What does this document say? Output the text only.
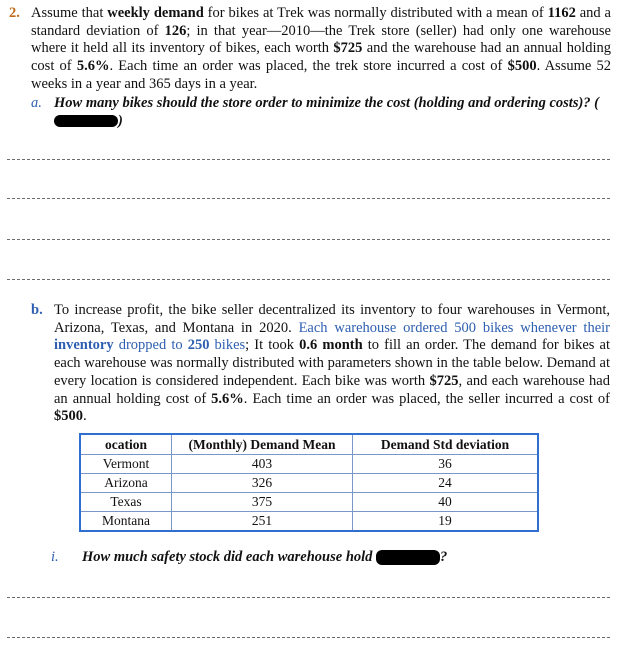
2. Assume that weekly demand for bikes at Trek was normally distributed with a mean of 1162 and a standard deviation of 126; in that year—2010—the Trek store (seller) had only one warehouse where it held all its inventory of bikes, each worth $725 and the warehouse had an annual holding cost of 5.6%. Each time an order was placed, the trek store incurred a cost of $500. Assume 52 weeks in a year and 365 days in a year.
a. How many bikes should the store order to minimize the cost (holding and ordering costs)? ()
b. To increase profit, the bike seller decentralized its inventory to four warehouses in Vermont, Arizona, Texas, and Montana in 2020. Each warehouse ordered 500 bikes whenever their inventory dropped to 250 bikes; It took 0.6 month to fill an order. The demand for bikes at each warehouse was normally distributed with parameters shown in the table below. Demand at every location is considered independent. Each bike was worth $725, and each warehouse had an annual holding cost of 5.6%. Each time an order was placed, the seller incurred a cost of $500.
ocation	(Monthly) Demand Mean	Demand Std deviation
Vermont	403	36
Arizona	326	24
Texas	375	40
Montana	251	19
i. How much safety stock did each warehouse hold	?
